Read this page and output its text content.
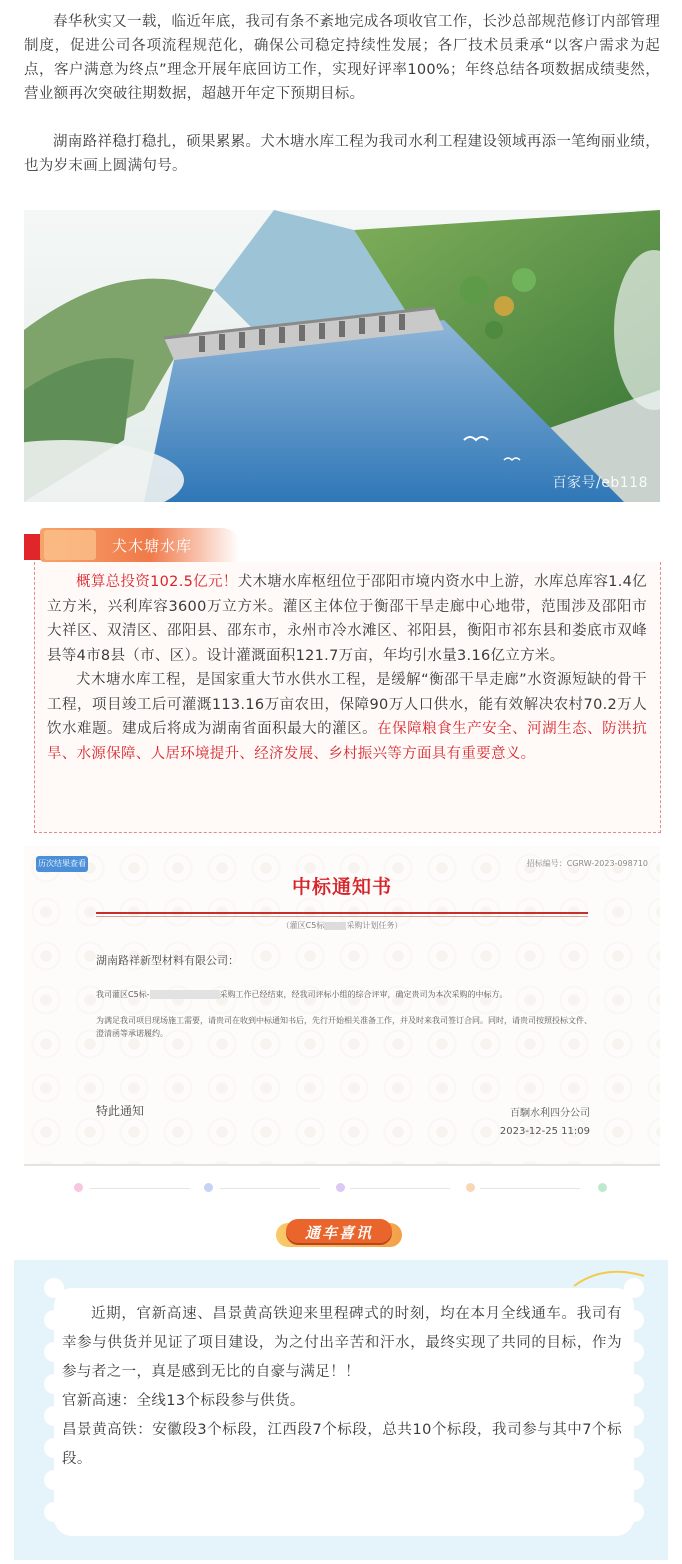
春华秋实又一载，临近年底，我司有条不紊地完成各项收官工作，长沙总部规范修订内部管理制度，促进公司各项流程规范化，确保公司稳定持续性发展；各厂技术员秉承“以客户需求为起点，客户满意为终点”理念开展年底回访工作，实现好评率100%；年终总结各项数据成绩斐然，营业额再次突破往期数据，超越开年定下预期目标。

湖南路祥稳打稳扎，硕果累累。犬木塘水库工程为我司水利工程建设领域再添一笔绚丽业绩，也为岁末画上圆满句号。

百家号/eb118
犬木塘水库

概算总投资102.5亿元！犬木塘水库枢纽位于邵阳市境内资水中上游，水库总库容1.4亿立方米，兴利库容3600万立方米。灌区主体位于衡邵干旱走廊中心地带，范围涉及邵阳市大祥区、双清区、邵阳县、邵东市，永州市冷水滩区、祁阳县，衡阳市祁东县和娄底市双峰县等4市8县（市、区）。设计灌溉面积121.7万亩，年均引水量3.16亿立方米。

犬木塘水库工程，是国家重大节水供水工程，是缓解“衡邵干旱走廊”水资源短缺的骨干工程，项目竣工后可灌溉113.16万亩农田，保障90万人口供水，能有效解决农村70.2万人饮水难题。建成后将成为湖南省面积最大的灌区。在保障粮食生产安全、河湖生态、防洪抗旱、水源保障、人居环境提升、经济发展、乡村振兴等方面具有重要意义。

历次结果查看	招标编号：CGRW-2023-098710
中标通知书
（灌区C5标	采购计划任务）
湖南路祥新型材料有限公司：
我司灌区C5标-	采购工作已经结束，经我司评标小组的综合评审，确定贵司为本次采购的中标方。
为满足我司项目现场施工需要，请贵司在收到中标通知书后，先行开始相关准备工作，并及时来我司签订合同。同时，请贵司按照投标文件、澄清函等承诺履约。
特此通知	百駉水利四分公司
2023-12-25 11:09
通车喜讯

近期，官新高速、昌景黄高铁迎来里程碑式的时刻，均在本月全线通车。我司有幸参与供货并见证了项目建设，为之付出辛苦和汗水，最终实现了共同的目标，作为参与者之一，真是感到无比的自豪与满足！！

官新高速：全线13个标段参与供货。

昌景黄高铁：安徽段3个标段，江西段7个标段，总共10个标段，我司参与其中7个标段。
